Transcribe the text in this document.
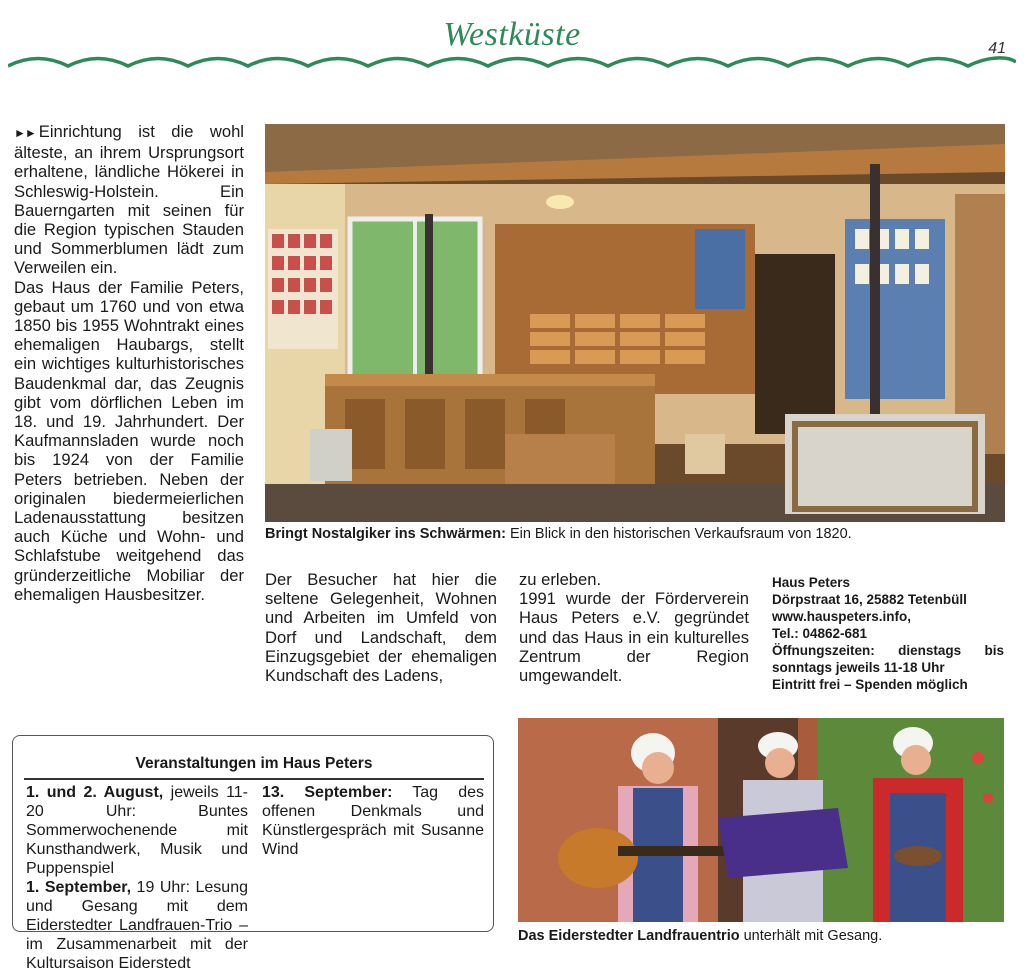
Westküste	41
►► Einrichtung ist die wohl älteste, an ihrem Ursprungsort erhaltene, ländliche Hökerei in Schleswig-Holstein. Ein Bauerngarten mit seinen für die Region typischen Stauden und Sommerblumen lädt zum Verweilen ein.
Das Haus der Familie Peters, gebaut um 1760 und von etwa 1850 bis 1955 Wohntrakt eines ehemaligen Haubargs, stellt ein wichtiges kulturhistorisches Baudenkmal dar, das Zeugnis gibt vom dörflichen Leben im 18. und 19. Jahrhundert. Der Kaufmannsladen wurde noch bis 1924 von der Familie Peters betrieben. Neben der originalen biedermeierlichen Ladenausstattung besitzen auch Küche und Wohn- und Schlafstube weitgehend das gründerzeitliche Mobiliar der ehemaligen Hausbesitzer.
Bringt Nostalgiker ins Schwärmen: Ein Blick in den historischen Verkaufsraum von 1820.
Der Besucher hat hier die seltene Gelegenheit, Wohnen und Arbeiten im Umfeld von Dorf und Landschaft, dem Einzugsgebiet der ehemaligen Kundschaft des Ladens,
zu erleben.
1991 wurde der Förderverein Haus Peters e.V. gegründet und das Haus in ein kulturelles Zentrum der Region umgewandelt.
Haus Peters
Dörpstraat 16, 25882 Tetenbüll
www.hauspeters.info,
Tel.: 04862-681
Öffnungszeiten: dienstags bis
sonntags jeweils 11-18 Uhr
Eintritt frei – Spenden möglich
Veranstaltungen im Haus Peters
1. und 2. August, jeweils 11-20 Uhr: Buntes Sommerwochenende mit Kunsthandwerk, Musik und Puppenspiel
1. September, 19 Uhr: Lesung und Gesang mit dem Eiderstedter Landfrauen-Trio – im Zusammenarbeit mit der Kultursaison Eiderstedt
13. September: Tag des offenen Denkmals und Künstlergespräch mit Susanne Wind
Das Eiderstedter Landfrauentrio unterhält mit Gesang.
